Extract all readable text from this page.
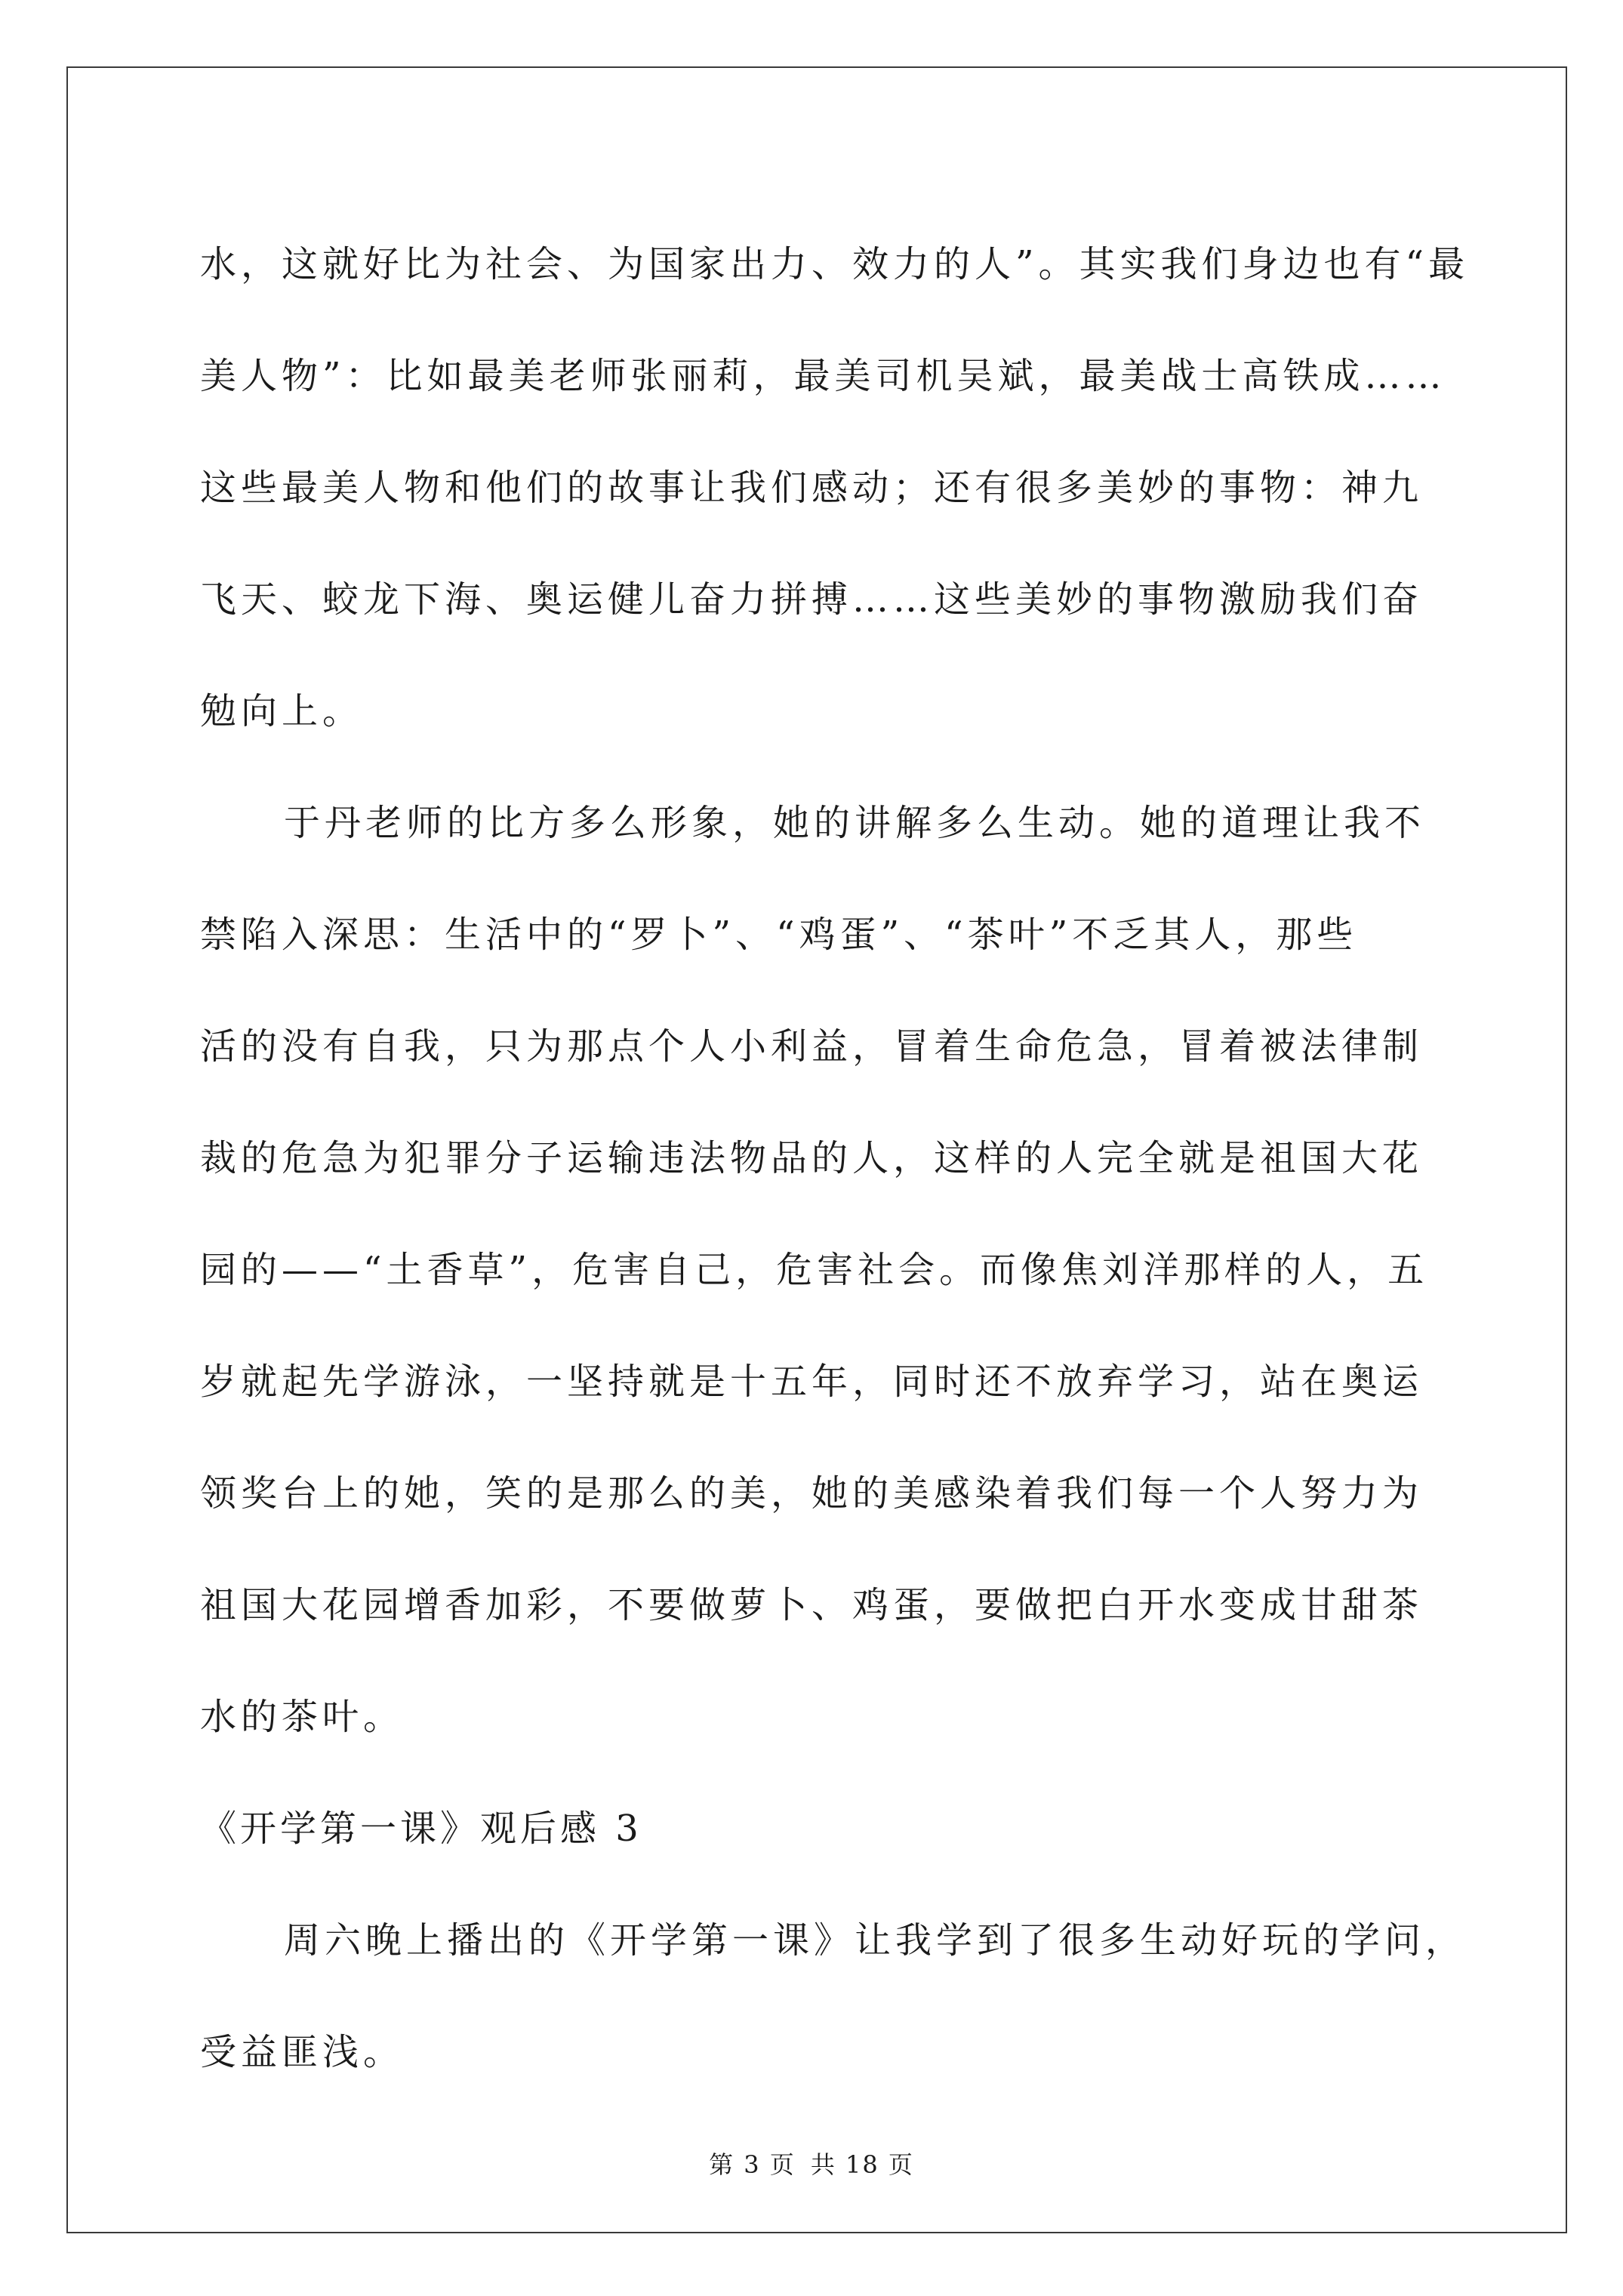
水，这就好比为社会、为国家出力、效力的人”。其实我们身边也有“最
美人物”：比如最美老师张丽莉，最美司机吴斌，最美战士高铁成……
这些最美人物和他们的故事让我们感动；还有很多美妙的事物：神九
飞天、蛟龙下海、奥运健儿奋力拼搏……这些美妙的事物激励我们奋
勉向上。
于丹老师的比方多么形象，她的讲解多么生动。她的道理让我不
禁陷入深思：生活中的“罗卜”、“鸡蛋”、“茶叶”不乏其人，那些
活的没有自我，只为那点个人小利益，冒着生命危急，冒着被法律制
裁的危急为犯罪分子运输违法物品的人，这样的人完全就是祖国大花
园的——“土香草”，危害自己，危害社会。而像焦刘洋那样的人，五
岁就起先学游泳，一坚持就是十五年，同时还不放弃学习，站在奥运
领奖台上的她，笑的是那么的美，她的美感染着我们每一个人努力为
祖国大花园增香加彩，不要做萝卜、鸡蛋，要做把白开水变成甘甜茶
水的茶叶。
《开学第一课》观后感 3
周六晚上播出的《开学第一课》让我学到了很多生动好玩的学问，
受益匪浅。
第 3 页 共 18 页
